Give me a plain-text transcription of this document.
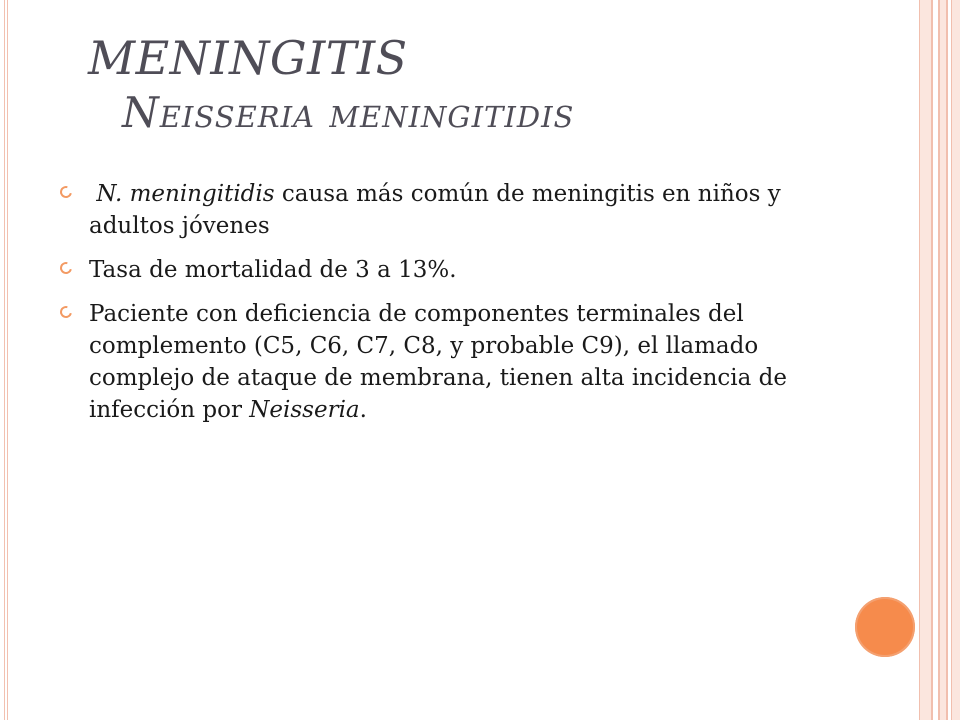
MENINGITIS
Neisseria meningitidis
N. meningitidis causa más común de meningitis en niños y adultos jóvenes
Tasa de mortalidad de 3 a 13%.
Paciente con deficiencia de componentes terminales del complemento (C5, C6, C7, C8, y probable C9), el llamado complejo de ataque de membrana, tienen alta incidencia de infección por Neisseria.
